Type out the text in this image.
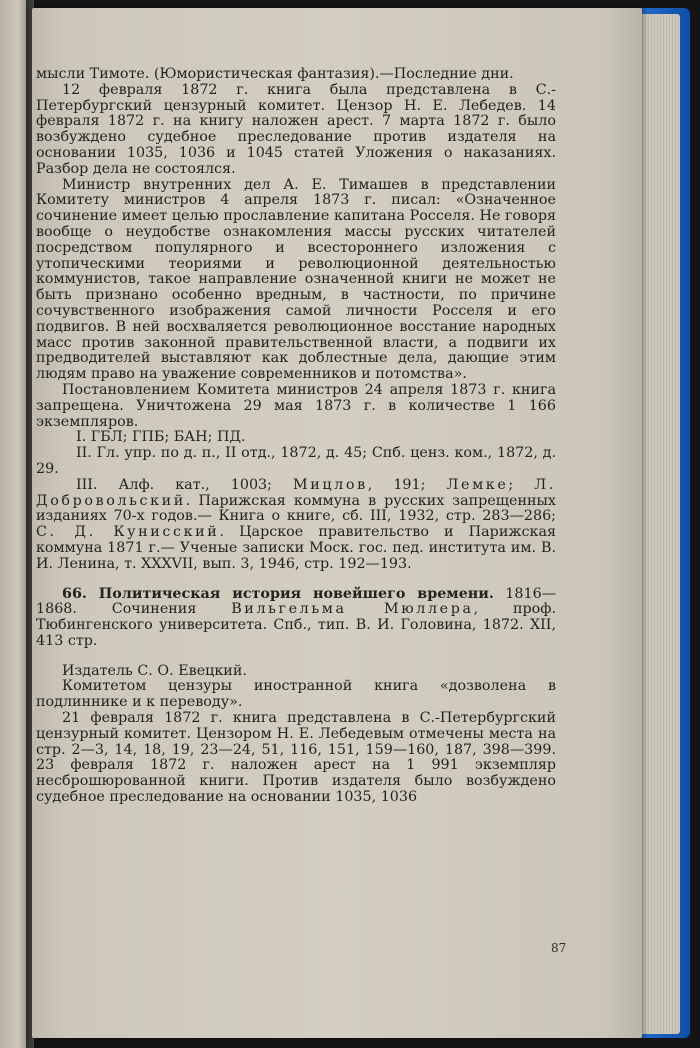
мысли Тимоте. (Юмористическая фантазия).—Последние дни.

12 февраля 1872 г. книга была представлена в С.-Петербургский цензурный комитет. Цензор Н. Е. Лебедев. 14 февраля 1872 г. на книгу наложен арест. 7 марта 1872 г. было возбуждено судебное преследование против издателя на основании 1035, 1036 и 1045 статей Уложения о наказаниях. Разбор дела не состоялся.

Министр внутренних дел А. Е. Тимашев в представлении Комитету министров 4 апреля 1873 г. писал: «Означенное сочинение имеет целью прославление капитана Росселя. Не говоря вообще о неудобстве ознакомления массы русских читателей посредством популярного и всестороннего изложения с утопическими теориями и революционной деятельностью коммунистов, такое направление означенной книги не может не быть признано особенно вредным, в частности, по причине сочувственного изображения самой личности Росселя и его подвигов. В ней восхваляется революционное восстание народных масс против законной правительственной власти, а подвиги их предводителей выставляют как доблестные дела, дающие этим людям право на уважение современников и потомства».

Постановлением Комитета министров 24 апреля 1873 г. книга запрещена. Уничтожена 29 мая 1873 г. в количестве 1 166 экземпляров.

I. ГБЛ; ГПБ; БАН; ПД.

II. Гл. упр. по д. п., II отд., 1872, д. 45; Спб. ценз. ком., 1872, д. 29.

III. Алф. кат., 1003; Мицлов, 191; Лемке; Л. Добровольский. Парижская коммуна в русских запрещенных изданиях 70-х годов.— Книга о книге, сб. III, 1932, стр. 283—286; С. Д. Кунисский. Царское правительство и Парижская коммуна 1871 г.— Ученые записки Моск. гос. пед. института им. В. И. Ленина, т. XXXVII, вып. 3, 1946, стр. 192—193.

66. Политическая история новейшего времени. 1816—1868. Сочинения Вильгельма Мюллера, проф. Тюбингенского университета. Спб., тип. В. И. Головина, 1872. XII, 413 стр.

Издатель С. О. Евецкий.

Комитетом цензуры иностранной книга «дозволена в подлиннике и к переводу».

21 февраля 1872 г. книга представлена в С.-Петербургский цензурный комитет. Цензором Н. Е. Лебедевым отмечены места на стр. 2—3, 14, 18, 19, 23—24, 51, 116, 151, 159—160, 187, 398—399. 23 февраля 1872 г. наложен арест на 1 991 экземпляр несброшюрованной книги. Против издателя было возбуждено судебное преследование на основании 1035, 1036

87
